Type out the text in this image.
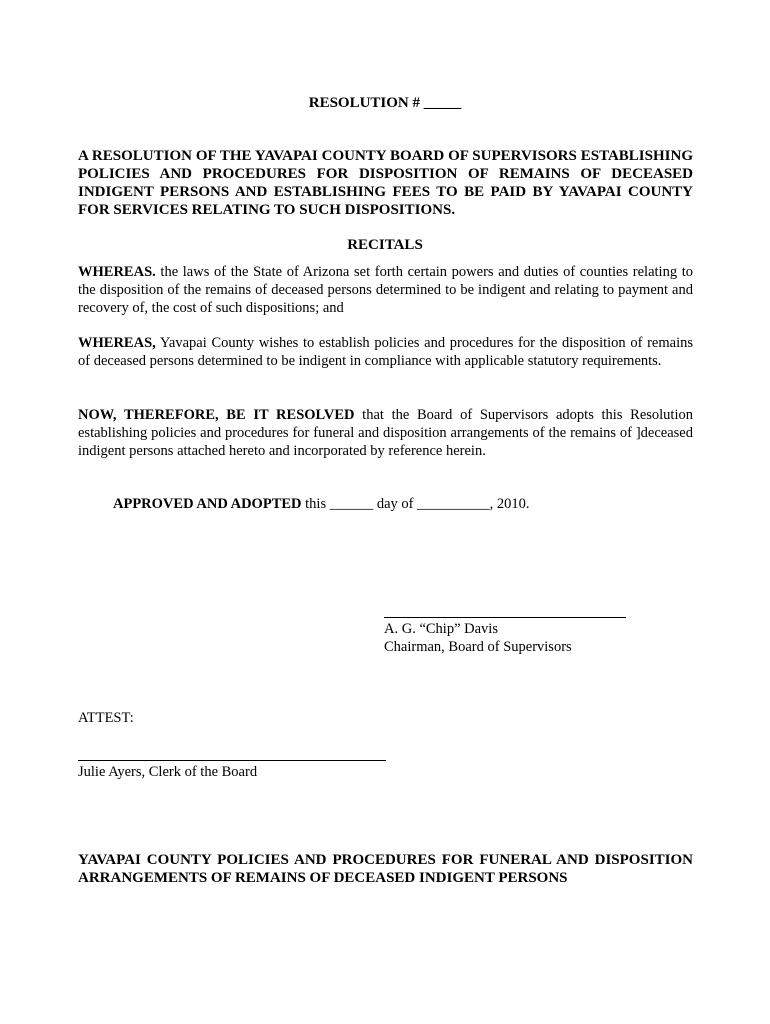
RESOLUTION # _____
A RESOLUTION OF THE YAVAPAI COUNTY BOARD OF SUPERVISORS ESTABLISHING POLICIES AND PROCEDURES FOR DISPOSITION OF REMAINS OF DECEASED INDIGENT PERSONS AND ESTABLISHING FEES TO BE PAID BY YAVAPAI COUNTY FOR SERVICES RELATING TO SUCH DISPOSITIONS.
RECITALS
WHEREAS. the laws of the State of Arizona set forth certain powers and duties of counties relating to the disposition of the remains of deceased persons determined to be indigent and relating to payment and recovery of, the cost of such dispositions; and
WHEREAS, Yavapai County wishes to establish policies and procedures for the disposition of remains of deceased persons determined to be indigent in compliance with applicable statutory requirements.
NOW, THEREFORE, BE IT RESOLVED that the Board of Supervisors adopts this Resolution establishing policies and procedures for funeral and disposition arrangements of the remains of ]deceased indigent persons attached hereto and incorporated by reference herein.
APPROVED AND ADOPTED this ______ day of __________, 2010.
A. G. “Chip” Davis
Chairman, Board of Supervisors
ATTEST:
Julie Ayers, Clerk of the Board
YAVAPAI COUNTY POLICIES AND PROCEDURES FOR FUNERAL AND DISPOSITION ARRANGEMENTS OF REMAINS OF DECEASED INDIGENT PERSONS
